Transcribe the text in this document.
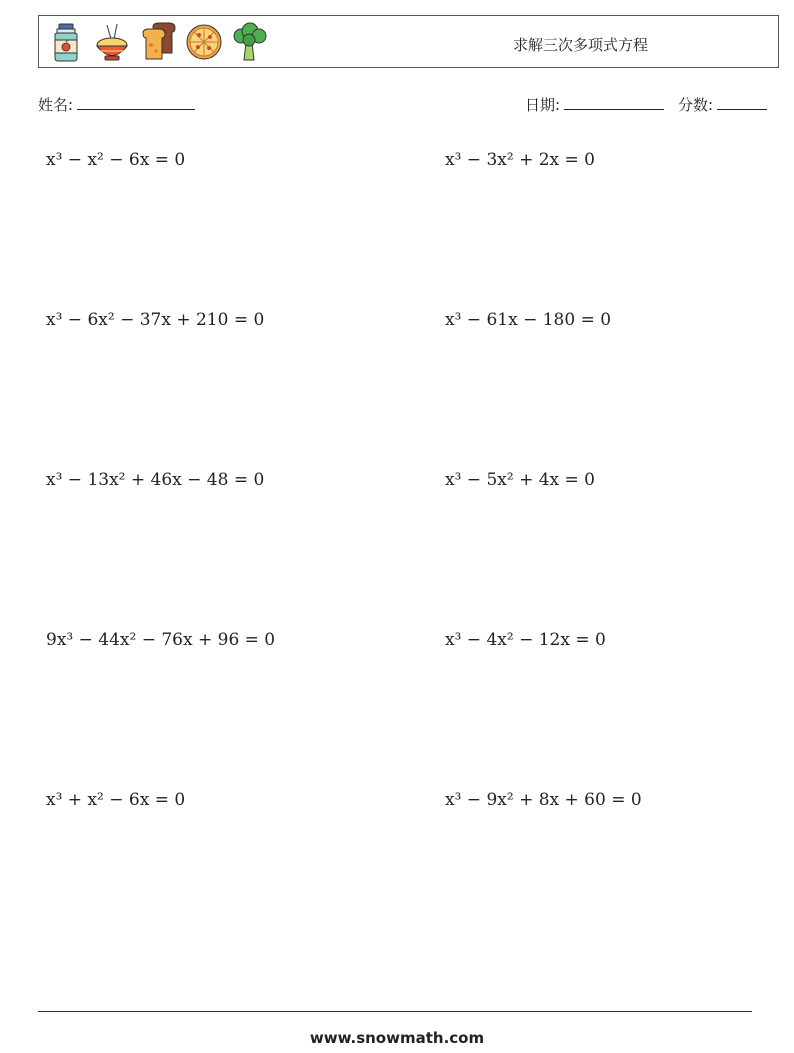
求解三次多项式方程
姓名:	日期:	分数:
x³ − x² − 6x = 0	x³ − 3x² + 2x = 0
x³ − 6x² − 37x + 210 = 0	x³ − 61x − 180 = 0
x³ − 13x² + 46x − 48 = 0	x³ − 5x² + 4x = 0
9x³ − 44x² − 76x + 96 = 0	x³ − 4x² − 12x = 0
x³ + x² − 6x = 0	x³ − 9x² + 8x + 60 = 0
www.snowmath.com
